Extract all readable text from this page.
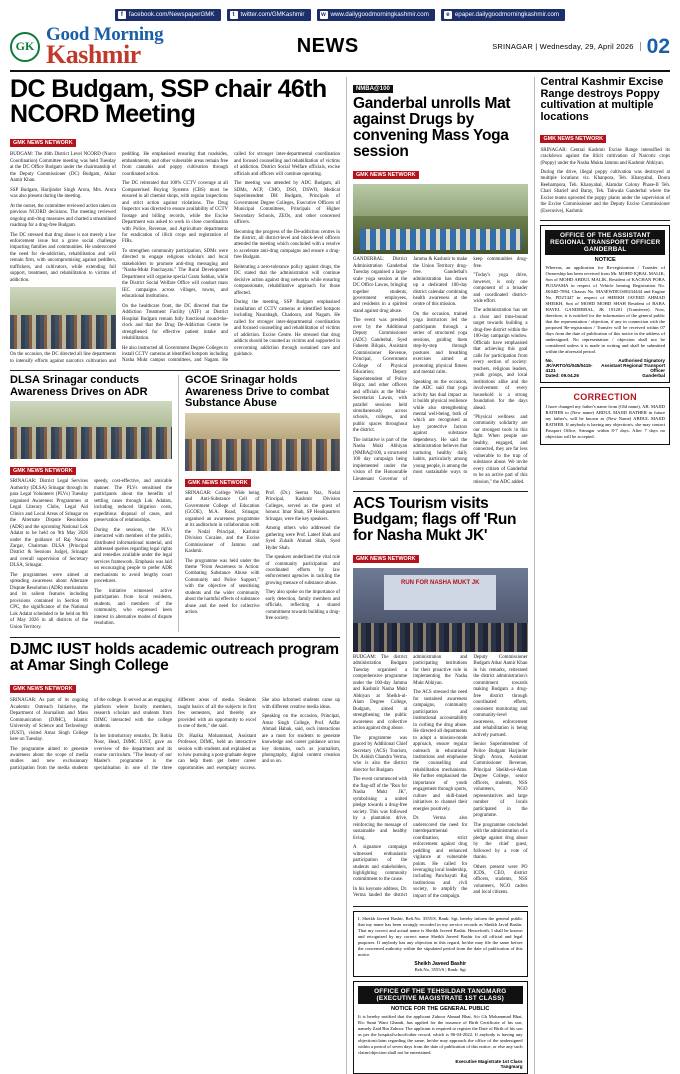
f facebook.com/NewspaperGMK	t twitter.com/GMKashmir	w www.dailygoodmorningkashmir.com	e epaper.dailygoodmorningkashmir.com
GK
Good Morning
Kashmir	NEWS	SRINAGAR | Wednesday, 29, April 2026 02
DC Budgam, SSP chair 46th NCORD Meeting
GMK NEWS NETWORK

BUDGAM: The 46th District Level NCORD (Narco Coordination) Committee meeting was held Tuesday at the DC Office Budgam under the chairmanship of the Deputy Commissioner (DC) Budgam, Akhar Aamir Khan.

SSP Budgam, Harijinder Singh Arora, Mrs. Arora was also present during the meeting.

At the outset, the committee reviewed action taken on previous NCORD decisions. The meeting reviewed ongoing anti-drug measures and charted a streamlined roadmap for a drug-free Budgam.

The DC stressed that drug abuse is not merely a law enforcement issue but a grave social challenge impacting families and communities. He underscored the need for de-addiction, rehabilitation and will remain firm, with uncompromising against peddlers, traffickers, and cultivators, while extending full support, treatment, and rehabilitation to victims of addiction.

On the occasion, the DC directed all line departments to intensify efforts against narcotics cultivation and peddling. He emphasised ensuring that roadsides, embankments, and other vulnerable areas remain free from cannabis and poppy cultivation through coordinated action.

The DC reiterated that 100% CCTV coverage at all Computerised Buying Systems (CBS) must be ensured in all chemist shops, with regular inspections and strict action against violations. The Drug Inspector was directed to ensure availability of CCTV footage and billing records, while the Excise Department was asked to work in close coordination with Police, Revenue, and Agriculture departments for eradication of illicit crops and registration of FIRs.

To strengthen community participation, SDMs were directed to engage religious scholars and local stakeholders to promote anti-drug messaging and "Nasha-Mukt Panchayats." The Rural Development Department will organise special Gram Sabhas, while the District Social Welfare Office will conduct mass IEC campaigns across villages, towns, and educational institutions.

On the healthcare front, the DC directed that the Addiction Treatment Facility (ATF) at District Hospital Budgam remain fully functional round-the-clock and that the Drug De-Addiction Centre be strengthened for effective patient intake and rehabilitation.

He also instructed all Government Degree Colleges to install CCTV cameras at identified hotspots including Nasha Mukt campus committees, and Nagam. He called for stronger inter-departmental coordination and focused counselling and rehabilitation of victims of addiction. District Social Welfare officials, excise officials and officers will continue operating.

The meeting was attended by ADC Budgam, all SDMs, ACP, CMO, DSO, DSWO, Medical Superintendent DH Budgam, Principals of Government Degree Colleges, Executive Officers of Municipal Committees, Principals of Higher Secondary Schools, ZEOs, and other concerned officers.

Becoming the progress of the De-addiction centres in the district, all district-level and block-level officers attended the meeting which concluded with a resolve to accelerate anti-drug campaigns and ensure a drug-free Budgam.

Reiterating a zero-tolerance policy against drugs, the DC stated that the administration will continue decisive action against drug networks while ensuring compassionate, rehabilitative approach for those affected.

During the meeting, SSP Budgam emphasised installation of CCTV cameras at identified hotspots including Naurabagh, Chadoora, and Nagam. He called for stronger inter-departmental coordination and focused counselling and rehabilitation of victims of addiction. Excise Centre. He stressed that drug addicts should be counted as victims and supported in overcoming addiction through sustained care and guidance.

DLSA Srinagar conducts Awareness Drives on ADR
GMK NEWS NETWORK

SRINAGAR: District Legal Services Authority (DLSA) Srinagar through its para Legal Volunteers (PLVs) Tuesday organised Awareness Programmes at Legal Literacy Clubs, Legal Aid Clinics and Local Areas of Srinagar on the Alternate Dispute Resolution (ADR) and the upcoming National Lok Adalat to be held on 9th May 2026 under the guidance of Raj Nawaz Zargar, Chairman DLSA (Principal District & Sessions Judge), Srinagar and overall supervision of Secretary DLSA, Srinagar.

The programmes were aimed at spreading awareness about Alternate Dispute Resolution (ADR) mechanisms and its salient features including provisions contained in Section 89 CPC, the significance of the National Lok Adalat scheduled to be held on 9th of May 2026 in all districts of the Union Territory.

speedy, cost-effective, and amicable manner. The PLVs sensitised the participants about the benefits of settling cases through Lok Adalats, including reduced litigation costs, expeditious disposal of cases, and preservation of relationships.

During the sessions, the PLVs interacted with members of the public, distributed informational material, and addressed queries regarding legal rights and remedies available under the legal services framework. Emphasis was laid on encouraging people to prefer ADR mechanisms to avoid lengthy court procedures.

The initiative witnessed active participation from local residents, students, and members of the community, who expressed keen interest in alternative modes of dispute resolution.

GCOE Srinagar holds Awareness Drive to combat Substance Abuse
GMK NEWS NETWORK

SRINAGAR: College Wide being and Anti-Substance Cell of Government College of Education (GCOE), M.A. Road, Srinagar, organised an awareness programme at its auditorium in collaboration with the Nodal Principal, Kashmir Division Cocaine, and the Excise Commissioner of Jammu and Kashmir.

The programme was held under the theme "From Awareness to Action: Combating Substance Abuse with Community and Police Support," with the objective of sensitising students and the wider community about the harmful effects of substance abuse and the need for collective action.

Prof. (Dr.) Seema Naz, Nodal Principal, Kashmir Division Colleges, served as the guest of honour. Imar Shah, SP Headquarters Srinagar, were the key speakers.

Among others who addressed the gathering were Prof. Lateef Shah and Syed Zuhaib Ahmad Shah, Syed Hyder Shah.

The speakers underlined the vital role of community participation and coordinated efforts by law enforcement agencies in tackling the growing menace of substance abuse.

They also spoke on the importance of early detection, family members and officials, reflecting a shared commitment towards building a drug-free society.

DJMC IUST holds academic outreach program at Amar Singh College
GMK NEWS NETWORK

SRINAGAR: As part of its ongoing Academic Outreach Initiative, the Department of Journalism and Mass Communication (DJMC), Islamic University of Science and Technology (IUST), visited Amar Singh College here on Tuesday.

The programme aimed to generate awareness about the scope of media studies and new exclusionary participation from the media students of the college. It served as an engaging platform where faculty members, research scholars and students from DJMC interacted with the college students.

In her introductory remarks, Dr. Robia Noor, Head, DJMC IUST, gave an overview of the department and its course curriculum. "The beauty of our Master's programme is the specialisation in one of the three different areas of media. Students taught basics of all the subjects in first few semesters, and thereby are provided with an opportunity to excel in one of them," she said.

Dr. Hazika Mohammad, Assistant Professor, DJMC, held an interactive session with students and explained as to how pursuing a post-graduate degree can help them get better career opportunities and exemplary success. She also informed students came up with different creative media ideas.

Speaking on the occasion, Principal, Amar Singh College, Prof. Adfar Ahmad Habak, said, such interactions are a must for students to generate knowledge and career guidance across key domains, such as journalism, photography, digital content creation and so on.

NMBA@100
Ganderbal unrolls Mat against Drugs by convening Mass Yoga session
GMK NEWS NETWORK

GANDERBAL: District Administration Ganderbal Tuesday organised a large-scale yoga session at the DC Office Lawns, bringing together students, government employees, and residents in a spirited stand against drug abuse.

The event was presided over by the Additional Deputy Commissioner (ADC) Ganderbal, Syed Faheem Bilquis, Assistant Commissioner Revenue, Principal, Government College of Physical Education; Deputy Superintendent of Police Biqra; and other officers and officials at the Mini-Secretariat Lawns, with parallel sessions held simultaneously across schools, colleges, and public spaces throughout the district.

The initiative is part of the Nasha Mukt Abhiyan (NMBA@100, a structured 100 day campaign being implemented under the vision of the Honourable Lieutenant Governor of Jammu & Kashmir to make the Union Territory drug-free. Ganderbal's administration has drawn up a dedicated 100-day district calendar combining health awareness at the centre of this mission.

On the occasion, trained yoga instructors led the participants through a series of structured yoga sessions, guiding them step-by-step through postures and breathing exercises aimed at promoting physical fitness and mental calm.

Speaking on the occasion, the ADC said that yoga activity has dual impact as it builds physical resilience while also strengthening mental well-being, both of which are recognised as key protective factors against substance dependency. He said the administration believes that nurturing healthy daily habits, particularly among young people, is among the most sustainable ways to keep communities drug-free.

"Today's yoga drive, however, is only one component of a broader and coordinated district-wide effort.

The administration has set a clear and time-bound target towards building a drug-free district within the 100-day campaign window. Officials have emphasised that achieving this goal calls for participation from every section of society: teachers, religious leaders, youth groups, and local institutions alike and the involvement of every household is a strong foundation for the days ahead.

"Physical wellness and community solidarity are our strongest tools in this fight. When people are healthy, engaged, and connected, they are far less vulnerable to the trap of substance abuse. We invite every citizen of Ganderbal to be an active part of this mission," the ADC added.

ACS Tourism visits Budgam; flags off 'Run for Nasha Mukt JK'
GMK NEWS NETWORK
RUN FOR NASHA MUKT JK

BUDGAM: The district administration Budgam Tuesday organised a comprehensive programme under the 100-day Jammu and Kashmir Nasha Mukt Abhiyan at Sheikh-ul-Alam Degree College, Budgam, aimed at strengthening the public awareness and collective action against drug abuse.

The programme was graced by Additional Chief Secretary (ACS) Tourism, Dr. Ashish Chandra Verma, who is also the district director for Budgam.

The event commenced with the flag-off of the "Run for Nasha Mukt JK", symbolising a united pledge towards a drug-free society. This was followed by a plantation drive, reinforcing the message of sustainable and healthy living.

A signature campaign witnessed enthusiastic participation of the students and stakeholders, highlighting community commitment to the cause.

In his keynote address, Dr. Verma lauded the district administration and participating institutions for their proactive role in implementing the Nasha Mukt Abhiyan.

The ACS stressed the need for sustained awareness campaigns, community participation and institutional accountability in curbing the drug abuse. He directed all departments to adopt a mission-mode approach, ensure regular outreach in educational institutions and emphasise the counselling and rehabilitation mechanisms. He further emphasised the importance of youth engagement through sports, culture and skill-based initiatives to channel their energies positively.

Dr. Verma also underscored the need for interdepartmental coordination, strict enforcement against drug peddling and enhanced vigilance at vulnerable points. He called for leveraging local leadership, including Panchayati Raj institutions and civil society, to amplify the impact of the campaign.

Deputy Commissioner Budgam Athar Aamir Khan in his remarks, reiterated the district administration's commitment towards making Budgam a drug-free district through coordinated efforts, consistent monitoring and community-level awareness, enforcement and rehabilitation is being actively pursued.

Senior Superintendent of Police Budgam Harjinder Singh Arora, Assistant Commissioner Revenue, Principal Sheikh-ul-Alam Degree College, senior officers, students, NSS volunteers, NGO representatives and large number of locals participated in the programme.

The programme concluded with the administration of a pledge against drug abuse by the chief guest, followed by a vote of thanks.

Others present were PO ICDS, CEO, district officers, students, NSS volunteers, NGO cadres and local citizens.

I, Sheikh Javeed Bashir, Belt.No. 3555/S, Rank: Sgt, hereby inform the general public that my name has been wrongly recorded in my service records as Sheikh Javid Bashir. That my correct and actual name is Sheikh Javeed Bashir. Henceforth, I shall be known and recognised by my correct name Sheikh Javeed Bashir for all official and legal purposes. If anybody has any objection in this regard, he/she may file the same before the concerned authority within the stipulated period from the date of publication of this notice.
Sheikh Javeed Bashir
Belt.No. 3555/S | Rank: Sgt
OFFICE OF THE TEHSILDAR TANGMARG (EXECUTIVE MAGISTRATE 1ST CLASS)
NOTICE FOR THE GENERAL PUBLIC
It is hereby notified that the applicant Zahoor Ahmad Bhat, S/o Gh Mohammad Bhat, R/o Sumi Wani Ghandi, has applied for the issuance of Birth Certificate of his son, namely Zaid Bin Zahoor. The applicant is required to register the Date of Birth of his son as per the hospital/school/other record, which is 06-04-2022. If anybody is having any objection/claim regarding the same, he/she may approach the office of the undersigned within a period of seven days from the date of publication of this notice, or else any such claim/objection shall not be entertained.
Executive Magistrate 1st Class
Tangmarg
Central Kashmir Excise Range destroys Poppy cultivation at multiple locations
GMK NEWS NETWORK

SRINAGAR: Central Kashmir Excise Range intensified its crackdown against the illicit cultivation of Narcotic crops (Poppy) under the Nasha Mukta Jammu and Kashmir Abhiyan.

During the drive, illegal poppy cultivation was destroyed at multiple locations viz. Khanpora, Teh. Khanyabal, Doora Beehampora, Teh. Khanyabal, Alamdar Colony Phase-II Teh. Chari Sharief and Baray, Teh. Tahwala Ganderbal where the Excise teams uprooted the poppy plants under the supervision of the Excise Commissioner and the Deputy Excise Commissioner (Executive), Kashmir.

OFFICE OF THE ASSISTANT REGIONAL TRANSPORT OFFICER GANDERBAL
NOTICE
Whereas, an application for Re-registration / Transfer of Ownership has been received from Mr. MOHD IQBAL MALIK, Son of MOHD ABDUL MALIK, Resident of KACHAN PORA PULWAMA in respect of Vehicle bearing Registration No. JK04D-7894, Chassis No. MA3EWDE1S00234444 and Engine No. PD2T447 in respect of SHEIKH JAVEED AHMAD SHEIKH, Son of MOHD MOHD SHAH Resident of BABA HAYEL GANDERBAL, JK 191201 (Transferee). Now, therefore, it is notified for the information of the general public that the representation / objection, if any in connection with the proposed Re-registration / Transfer will be received within 07 days from the date of publication of this notice in the address of undersigned. No representation / objection shall not be considered unless it is made in writing and shall be submitted within the aforesaid period.
No. JK/ARTO/G/045/0415-4121
Dated: 09.04.26
Authorised Signatory
Assistant Regional Transport Officer
Ganderbal
CORRECTION
I have changed my father's name from (Old name), AB. MAJID RATHER to (New name) ABDUL MAJID RATHER in future my father's, will be known as (New Name) ABDUL MAJID RATHER. If anybody is having any objection/s, she may contact Passport Office, Srinagar within 8-7 days. After 7 days no objection will be accepted.
